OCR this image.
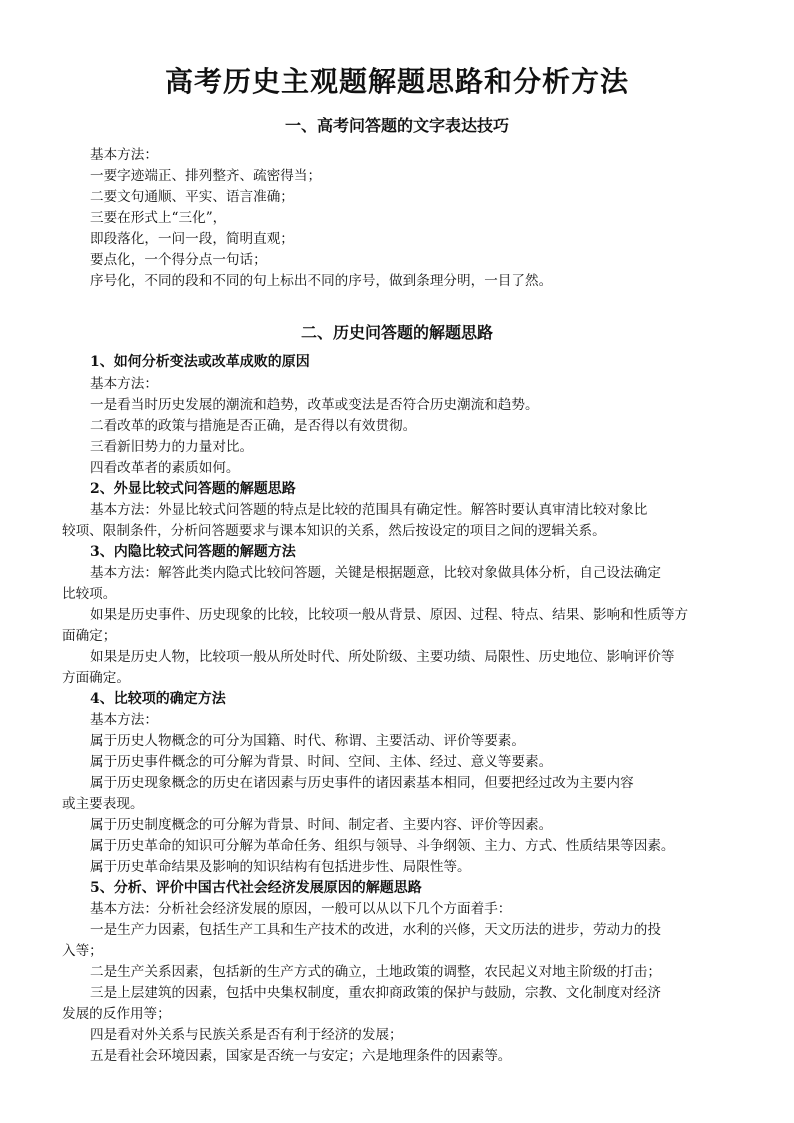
高考历史主观题解题思路和分析方法
一、高考问答题的文字表达技巧

基本方法：

一要字迹端正、排列整齐、疏密得当；

二要文句通顺、平实、语言准确；

三要在形式上“三化”，

即段落化，一问一段，简明直观；

要点化，一个得分点一句话；

序号化，不同的段和不同的句上标出不同的序号，做到条理分明，一目了然。

二、历史问答题的解题思路

1、如何分析变法或改革成败的原因

基本方法：

一是看当时历史发展的潮流和趋势，改革或变法是否符合历史潮流和趋势。

二看改革的政策与措施是否正确，是否得以有效贯彻。

三看新旧势力的力量对比。

四看改革者的素质如何。

2、外显比较式问答题的解题思路

基本方法：外显比较式问答题的特点是比较的范围具有确定性。解答时要认真审清比较对象比

较项、限制条件，分析问答题要求与课本知识的关系，然后按设定的项目之间的逻辑关系。

3、内隐比较式问答题的解题方法

基本方法：解答此类内隐式比较问答题，关键是根据题意，比较对象做具体分析，自己设法确定

比较项。

如果是历史事件、历史现象的比较，比较项一般从背景、原因、过程、特点、结果、影响和性质等方

面确定；

如果是历史人物，比较项一般从所处时代、所处阶级、主要功绩、局限性、历史地位、影响评价等

方面确定。

4、比较项的确定方法

基本方法：

属于历史人物概念的可分为国籍、时代、称谓、主要活动、评价等要素。

属于历史事件概念的可分解为背景、时间、空间、主体、经过、意义等要素。

属于历史现象概念的历史在诸因素与历史事件的诸因素基本相同，但要把经过改为主要内容

或主要表现。

属于历史制度概念的可分解为背景、时间、制定者、主要内容、评价等因素。

属于历史革命的知识可分解为革命任务、组织与领导、斗争纲领、主力、方式、性质结果等因素。

属于历史革命结果及影响的知识结构有包括进步性、局限性等。

5、分析、评价中国古代社会经济发展原因的解题思路

基本方法：分析社会经济发展的原因，一般可以从以下几个方面着手：

一是生产力因素，包括生产工具和生产技术的改进，水利的兴修，天文历法的进步，劳动力的投

入等；

二是生产关系因素，包括新的生产方式的确立，土地政策的调整，农民起义对地主阶级的打击；

三是上层建筑的因素，包括中央集权制度，重农抑商政策的保护与鼓励，宗教、文化制度对经济

发展的反作用等；

四是看对外关系与民族关系是否有利于经济的发展；

五是看社会环境因素，国家是否统一与安定；六是地理条件的因素等。
